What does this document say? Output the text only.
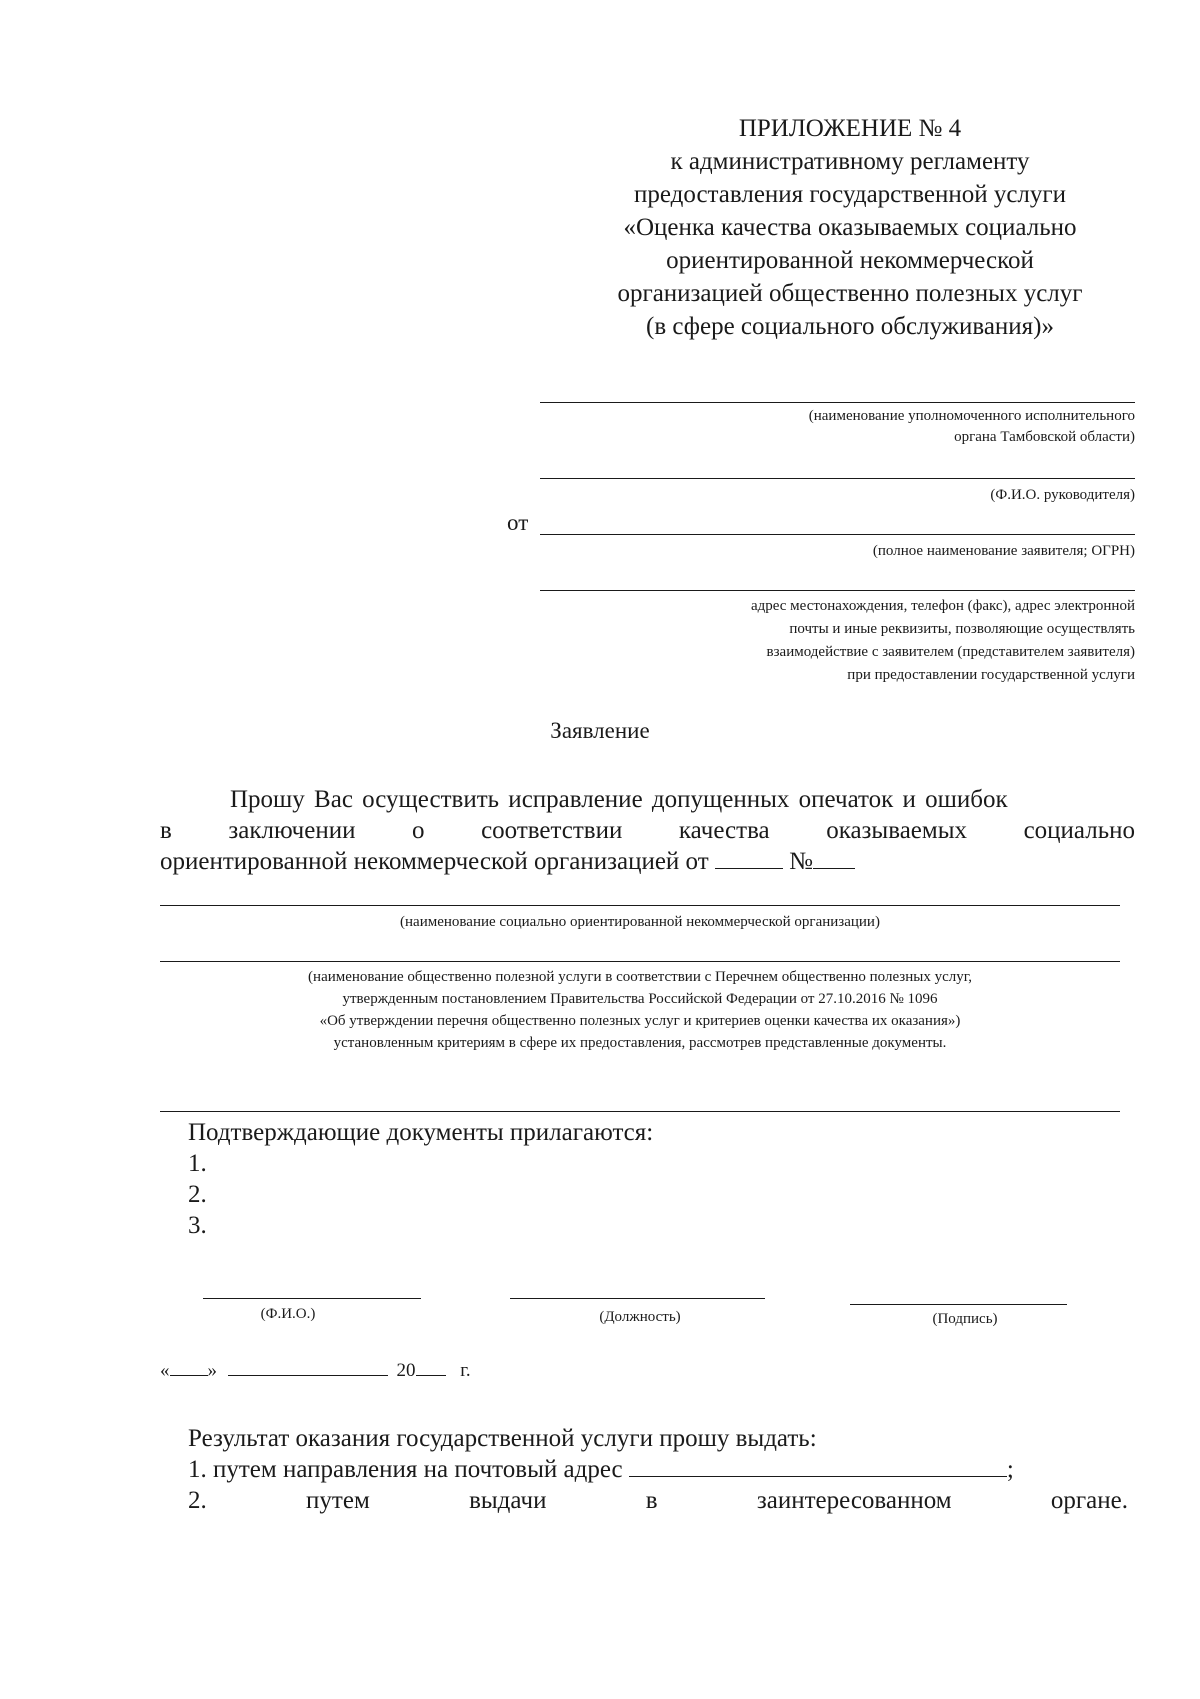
ПРИЛОЖЕНИЕ № 4
к административному регламенту
предоставления государственной услуги
«Оценка качества оказываемых социально
ориентированной некоммерческой
организацией общественно полезных услуг
(в сфере социального обслуживания)»
(наименование уполномоченного исполнительного
органа Тамбовской области)
(Ф.И.О. руководителя)
от
(полное наименование заявителя; ОГРН)
адрес местонахождения, телефон (факс), адрес электронной
почты и иные реквизиты, позволяющие осуществлять
взаимодействие с заявителем (представителем заявителя)
при предоставлении государственной услуги
Заявление
Прошу Вас осуществить исправление допущенных опечаток и ошибок
в заключении о соответствии качества оказываемых социально
ориентированной некоммерческой организацией от	№
(наименование социально ориентированной некоммерческой организации)
(наименование общественно полезной услуги в соответствии с Перечнем общественно полезных услуг,
утвержденным постановлением Правительства Российской Федерации от 27.10.2016 № 1096
«Об утверждении перечня общественно полезных услуг и критериев оценки качества их оказания»)
установленным критериям в сфере их предоставления, рассмотрев представленные документы.
Подтверждающие документы прилагаются:
1.
2.
3.
(Ф.И.О.)	(Должность)	(Подпись)
« »	20 г.
Результат оказания государственной услуги прошу выдать:
1. путем направления на почтовый адрес	;
2.	путем	выдачи	в	заинтересованном	органе.
